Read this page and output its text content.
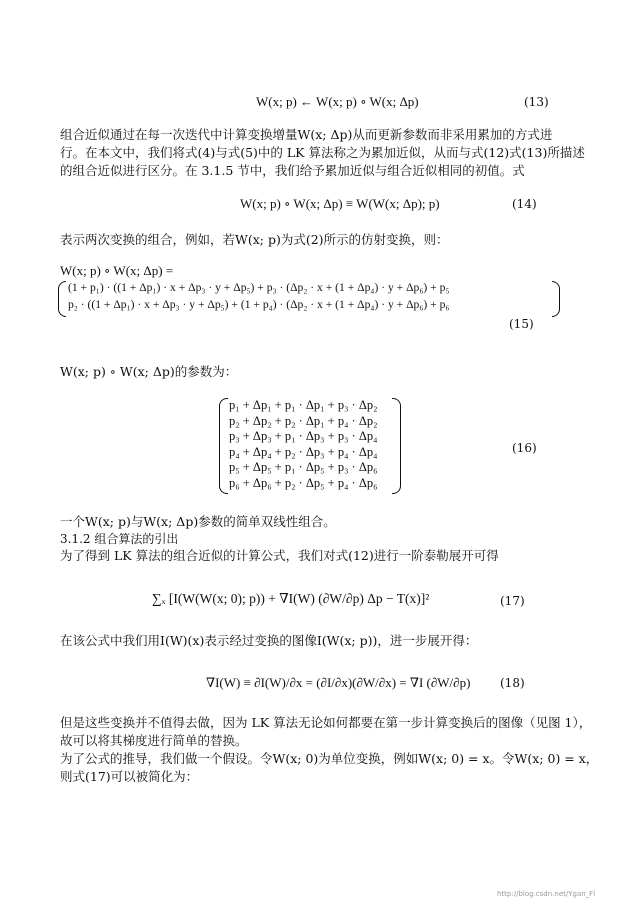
W(x; p) ← W(x; p) ∘ W(x; Δp)	(13)
组合近似通过在每一次迭代中计算变换增量W(x; Δp)从而更新参数而非采用累加的方式进
行。在本文中，我们将式(4)与式(5)中的 LK 算法称之为累加近似，从而与式(12)式(13)所描述
的组合近似进行区分。在 3.1.5 节中，我们给予累加近似与组合近似相同的初值。式
W(x; p) ∘ W(x; Δp) ≡ W(W(x; Δp); p)	(14)
表示两次变换的组合，例如，若W(x; p)为式(2)所示的仿射变换，则：
W(x; p) ∘ W(x; Δp) =
(1 + p₁) · ((1 + Δp₁) · x + Δp₃ · y + Δp₅) + p₃ · (Δp₂ · x + (1 + Δp₄) · y + Δp₆) + p₅
p₂ · ((1 + Δp₁) · x + Δp₃ · y + Δp₅) + (1 + p₄) · (Δp₂ · x + (1 + Δp₄) · y + Δp₆) + p₆
(15)
W(x; p) ∘ W(x; Δp)的参数为：
p₁ + Δp₁ + p₁ · Δp₁ + p₃ · Δp₂
p₂ + Δp₂ + p₂ · Δp₁ + p₄ · Δp₂
p₃ + Δp₃ + p₁ · Δp₃ + p₃ · Δp₄
p₄ + Δp₄ + p₂ · Δp₃ + p₄ · Δp₄
p₅ + Δp₅ + p₁ · Δp₅ + p₃ · Δp₆
p₆ + Δp₆ + p₂ · Δp₅ + p₄ · Δp₆
(16)
一个W(x; p)与W(x; Δp)参数的简单双线性组合。
3.1.2 组合算法的引出
为了得到 LK 算法的组合近似的计算公式，我们对式(12)进行一阶泰勒展开可得
∑ₓ [I(W(W(x; 0); p)) + ∇I(W) (∂W/∂p) Δp − T(x)]²	(17)
在该公式中我们用I(W)(x)表示经过变换的图像I(W(x; p))，进一步展开得：
∇I(W) ≡ ∂I(W)/∂x = (∂I/∂x)(∂W/∂x) = ∇I (∂W/∂p) (18)
但是这些变换并不值得去做，因为 LK 算法无论如何都要在第一步计算变换后的图像（见图 1），
故可以将其梯度进行简单的替换。
为了公式的推导，我们做一个假设。令W(x; 0)为单位变换，例如W(x; 0) = x。令W(x; 0) = x，
则式(17)可以被简化为：
http://blog.csdn.net/Ygan_Fl
